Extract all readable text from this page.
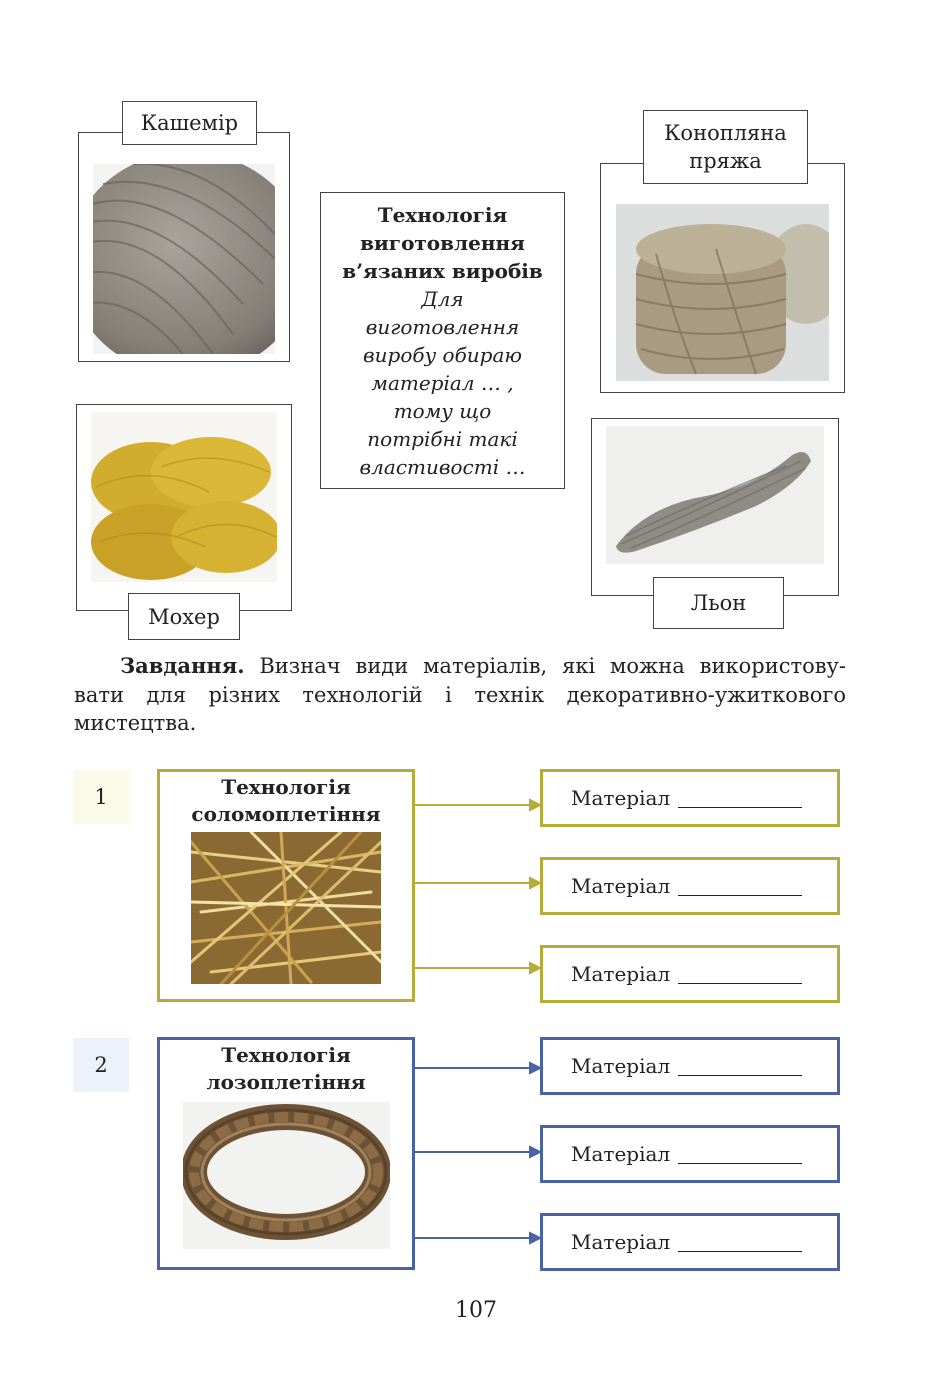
Кашемір	Конопляна пряжа
Мохер
Льон
Технологія виготовлення в’язаних виробів
Для
виготовлення
виробу обираю
матеріал … ,
тому що
потрібні такі
властивості …
Завдання. Визнач види матеріалів, які можна використову-вати для різних технологій і технік декоративно-ужиткового мистецтва.
1	Технологія
соломоплетіння
Матеріал
Матеріал
Матеріал
2	Технологія
лозоплетіння
Матеріал
Матеріал
Матеріал
107
